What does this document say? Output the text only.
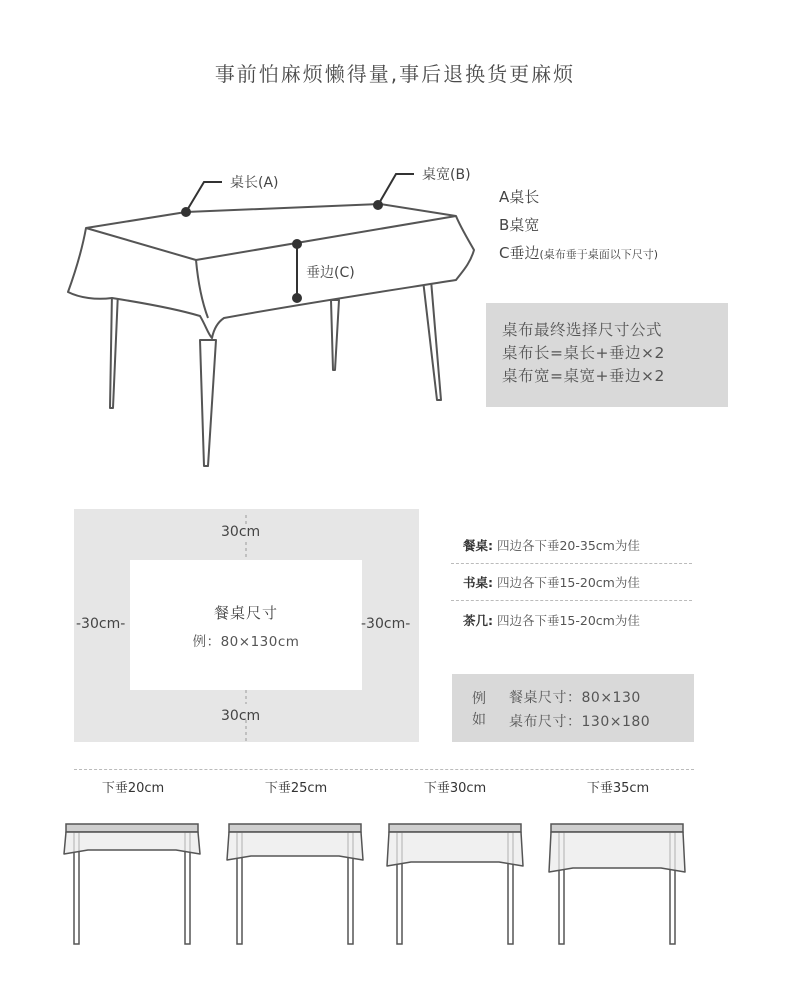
事前怕麻烦懒得量,事后退换货更麻烦
桌长(A)	桌宽(B)
垂边(C)
A桌长
B桌宽
C垂边(桌布垂于桌面以下尺寸)
桌布最终选择尺寸公式
桌布长=桌长+垂边×2
桌布宽=桌宽+垂边×2
30cm
30cm
-30cm-	-30cm-
餐桌尺寸
例：80×130cm
餐桌: 四边各下垂20-35cm为佳
书桌: 四边各下垂15-20cm为佳
茶几: 四边各下垂15-20cm为佳
例
如
餐桌尺寸：80×130
桌布尺寸：130×180
下垂20cm	下垂25cm	下垂30cm	下垂35cm
